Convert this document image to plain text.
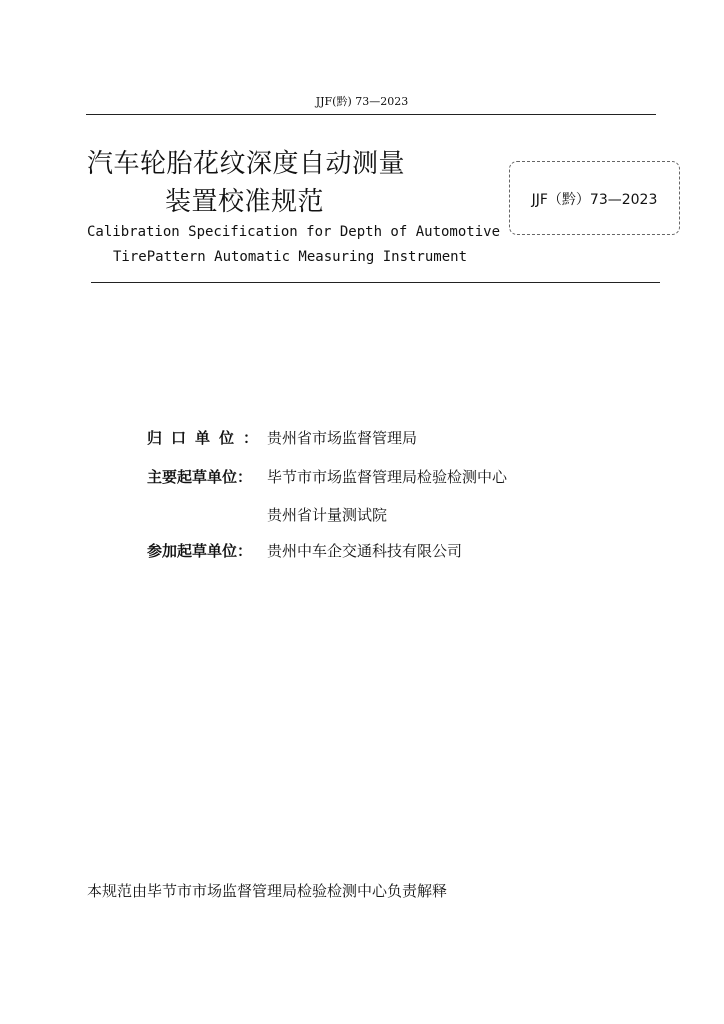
JJF(黔) 73—2023
汽车轮胎花纹深度自动测量
装置校准规范	JJF（黔）73—2023
Calibration Specification for Depth of Automotive
TirePattern Automatic Measuring Instrument
归口单位：贵州省市场监督管理局
主要起草单位： 毕节市市场监督管理局检验检测中心
贵州省计量测试院
参加起草单位： 贵州中车企交通科技有限公司
本规范由毕节市市场监督管理局检验检测中心负责解释
